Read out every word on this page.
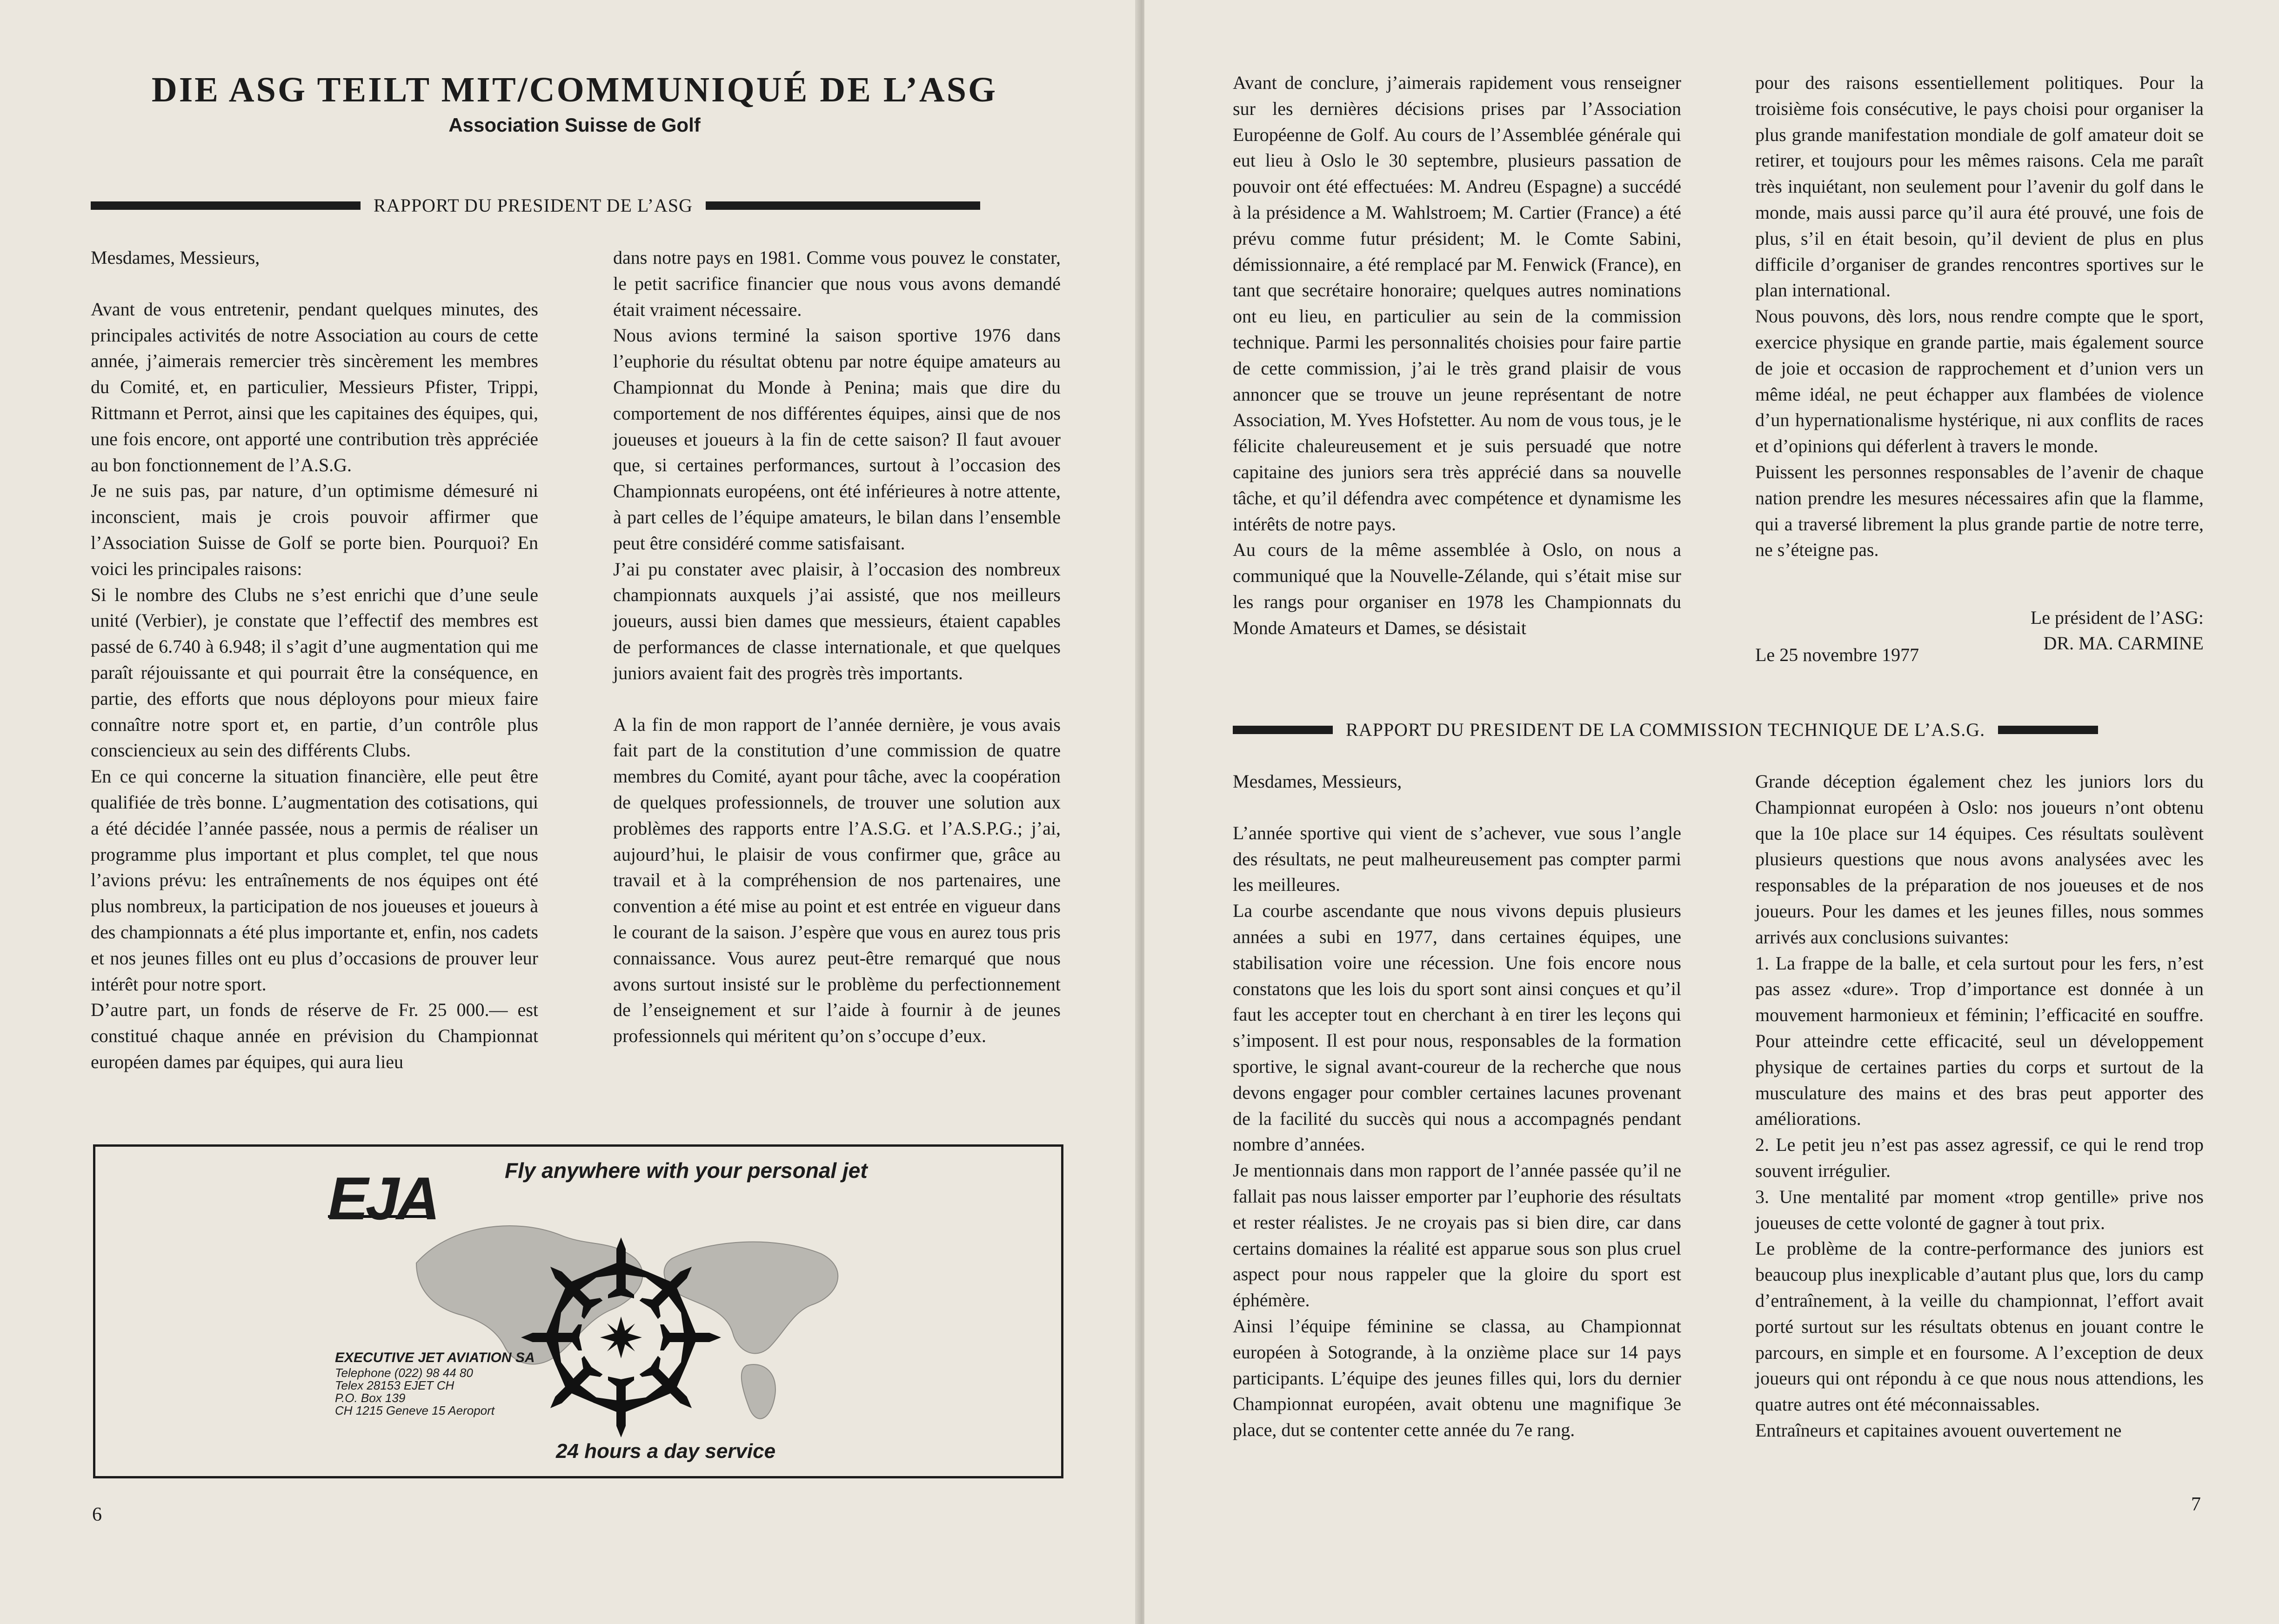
DIE ASG TEILT MIT/COMMUNIQUÉ DE L’ASG
Association Suisse de Golf
RAPPORT DU PRESIDENT DE L’ASG

Mesdames, Messieurs,

Avant de vous entretenir, pendant quelques minutes, des principales activités de notre Association au cours de cette année, j’aimerais remercier très sincèrement les membres du Comité, et, en particulier, Messieurs Pfister, Trippi, Rittmann et Perrot, ainsi que les capitaines des équipes, qui, une fois encore, ont apporté une contribution très appréciée au bon fonctionnement de l’A.S.G.

Je ne suis pas, par nature, d’un optimisme démesuré ni inconscient, mais je crois pouvoir affirmer que l’Association Suisse de Golf se porte bien. Pourquoi? En voici les principales raisons:

Si le nombre des Clubs ne s’est enrichi que d’une seule unité (Verbier), je constate que l’effectif des membres est passé de 6.740 à 6.948; il s’agit d’une augmentation qui me paraît réjouissante et qui pourrait être la conséquence, en partie, des efforts que nous déployons pour mieux faire connaître notre sport et, en partie, d’un contrôle plus consciencieux au sein des différents Clubs.

En ce qui concerne la situation financière, elle peut être qualifiée de très bonne. L’augmentation des cotisations, qui a été décidée l’année passée, nous a permis de réaliser un programme plus important et plus complet, tel que nous l’avions prévu: les entraînements de nos équipes ont été plus nombreux, la participation de nos joueuses et joueurs à des championnats a été plus importante et, enfin, nos cadets et nos jeunes filles ont eu plus d’occasions de prouver leur intérêt pour notre sport.

D’autre part, un fonds de réserve de Fr. 25 000.— est constitué chaque année en prévision du Championnat européen dames par équipes, qui aura lieu

dans notre pays en 1981. Comme vous pouvez le constater, le petit sacrifice financier que nous vous avons demandé était vraiment nécessaire.

Nous avions terminé la saison sportive 1976 dans l’euphorie du résultat obtenu par notre équipe amateurs au Championnat du Monde à Penina; mais que dire du comportement de nos différentes équipes, ainsi que de nos joueuses et joueurs à la fin de cette saison? Il faut avouer que, si certaines performances, surtout à l’occasion des Championnats européens, ont été inférieures à notre attente, à part celles de l’équipe amateurs, le bilan dans l’ensemble peut être considéré comme satisfaisant.

J’ai pu constater avec plaisir, à l’occasion des nombreux championnats auxquels j’ai assisté, que nos meilleurs joueurs, aussi bien dames que messieurs, étaient capables de performances de classe internationale, et que quelques juniors avaient fait des progrès très importants.

A la fin de mon rapport de l’année dernière, je vous avais fait part de la constitution d’une commission de quatre membres du Comité, ayant pour tâche, avec la coopération de quelques professionnels, de trouver une solution aux problèmes des rapports entre l’A.S.G. et l’A.S.P.G.; j’ai, aujourd’hui, le plaisir de vous confirmer que, grâce au travail et à la compréhension de nos partenaires, une convention a été mise au point et est entrée en vigueur dans le courant de la saison. J’espère que vous en aurez tous pris connaissance. Vous aurez peut-être remarqué que nous avons surtout insisté sur le problème du perfectionnement de l’enseignement et sur l’aide à fournir à de jeunes professionnels qui méritent qu’on s’occupe d’eux.

EJA	Fly anywhere with your personal jet
EXECUTIVE JET AVIATION SA
Telephone (022) 98 44 80
Telex 28153 EJET CH
P.O. Box 139
CH 1215 Geneve 15 Aeroport
24 hours a day service
6

Avant de conclure, j’aimerais rapidement vous renseigner sur les dernières décisions prises par l’Association Européenne de Golf. Au cours de l’Assemblée générale qui eut lieu à Oslo le 30 septembre, plusieurs passation de pouvoir ont été effectuées: M. Andreu (Espagne) a succédé à la présidence a M. Wahlstroem; M. Cartier (France) a été prévu comme futur président; M. le Comte Sabini, démissionnaire, a été remplacé par M. Fenwick (France), en tant que secrétaire honoraire; quelques autres nominations ont eu lieu, en particulier au sein de la commission technique. Parmi les personnalités choisies pour faire partie de cette commission, j’ai le très grand plaisir de vous annoncer que se trouve un jeune représentant de notre Association, M. Yves Hofstetter. Au nom de vous tous, je le félicite chaleureusement et je suis persuadé que notre capitaine des juniors sera très apprécié dans sa nouvelle tâche, et qu’il défendra avec compétence et dynamisme les intérêts de notre pays.

Au cours de la même assemblée à Oslo, on nous a communiqué que la Nouvelle-Zélande, qui s’était mise sur les rangs pour organiser en 1978 les Championnats du Monde Amateurs et Dames, se désistait

pour des raisons essentiellement politiques. Pour la troisième fois consécutive, le pays choisi pour organiser la plus grande manifestation mondiale de golf amateur doit se retirer, et toujours pour les mêmes raisons. Cela me paraît très inquiétant, non seulement pour l’avenir du golf dans le monde, mais aussi parce qu’il aura été prouvé, une fois de plus, s’il en était besoin, qu’il devient de plus en plus difficile d’organiser de grandes rencontres sportives sur le plan international.

Nous pouvons, dès lors, nous rendre compte que le sport, exercice physique en grande partie, mais également source de joie et occasion de rapprochement et d’union vers un même idéal, ne peut échapper aux flambées de violence d’un hypernationalisme hystérique, ni aux conflits de races et d’opinions qui déferlent à travers le monde.

Puissent les personnes responsables de l’avenir de chaque nation prendre les mesures nécessaires afin que la flamme, qui a traversé librement la plus grande partie de notre terre, ne s’éteigne pas.

Le président de l’ASG:
DR. MA. CARMINE
Le 25 novembre 1977
RAPPORT DU PRESIDENT DE LA COMMISSION TECHNIQUE DE L’A.S.G.

Mesdames, Messieurs,

L’année sportive qui vient de s’achever, vue sous l’angle des résultats, ne peut malheureusement pas compter parmi les meilleures.

La courbe ascendante que nous vivons depuis plusieurs années a subi en 1977, dans certaines équipes, une stabilisation voire une récession. Une fois encore nous constatons que les lois du sport sont ainsi conçues et qu’il faut les accepter tout en cherchant à en tirer les leçons qui s’imposent. Il est pour nous, responsables de la formation sportive, le signal avant-coureur de la recherche que nous devons engager pour combler certaines lacunes provenant de la facilité du succès qui nous a accompagnés pendant nombre d’années.

Je mentionnais dans mon rapport de l’année passée qu’il ne fallait pas nous laisser emporter par l’euphorie des résultats et rester réalistes. Je ne croyais pas si bien dire, car dans certains domaines la réalité est apparue sous son plus cruel aspect pour nous rappeler que la gloire du sport est éphémère.

Ainsi l’équipe féminine se classa, au Championnat européen à Sotogrande, à la onzième place sur 14 pays participants. L’équipe des jeunes filles qui, lors du dernier Championnat européen, avait obtenu une magnifique 3e place, dut se contenter cette année du 7e rang.

Grande déception également chez les juniors lors du Championnat européen à Oslo: nos joueurs n’ont obtenu que la 10e place sur 14 équipes. Ces résultats soulèvent plusieurs questions que nous avons analysées avec les responsables de la préparation de nos joueuses et de nos joueurs. Pour les dames et les jeunes filles, nous sommes arrivés aux conclusions suivantes:

1. La frappe de la balle, et cela surtout pour les fers, n’est pas assez «dure». Trop d’importance est donnée à un mouvement harmonieux et féminin; l’efficacité en souffre. Pour atteindre cette efficacité, seul un développement physique de certaines parties du corps et surtout de la musculature des mains et des bras peut apporter des améliorations.

2. Le petit jeu n’est pas assez agressif, ce qui le rend trop souvent irrégulier.

3. Une mentalité par moment «trop gentille» prive nos joueuses de cette volonté de gagner à tout prix.

Le problème de la contre-performance des juniors est beaucoup plus inexplicable d’autant plus que, lors du camp d’entraînement, à la veille du championnat, l’effort avait porté surtout sur les résultats obtenus en jouant contre le parcours, en simple et en foursome. A l’exception de deux joueurs qui ont répondu à ce que nous nous attendions, les quatre autres ont été méconnaissables.

Entraîneurs et capitaines avouent ouvertement ne

7
